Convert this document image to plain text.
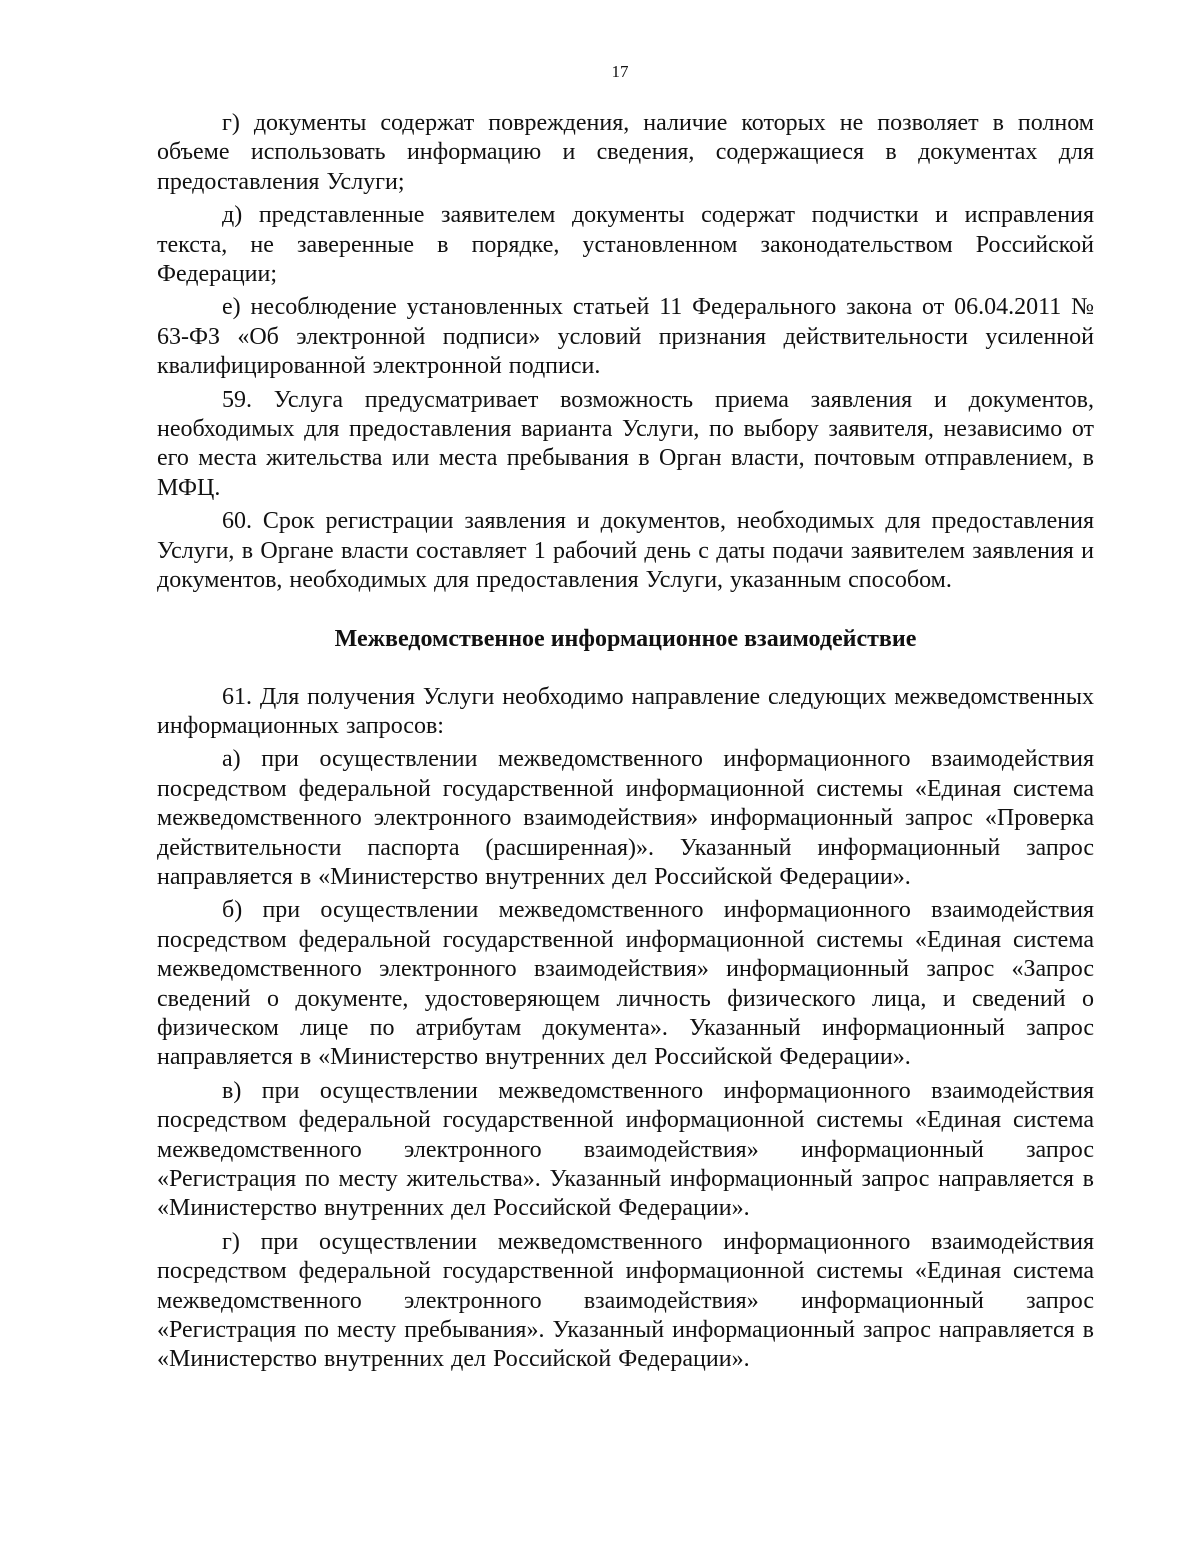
17

г) документы содержат повреждения, наличие которых не позволяет в полном объеме использовать информацию и сведения, содержащиеся в документах для предоставления Услуги;

д) представленные заявителем документы содержат подчистки и исправления текста, не заверенные в порядке, установленном законодательством Российской Федерации;

е) несоблюдение установленных статьей 11 Федерального закона от 06.04.2011 № 63-ФЗ «Об электронной подписи» условий признания действительности усиленной квалифицированной электронной подписи.

59. Услуга предусматривает возможность приема заявления и документов, необходимых для предоставления варианта Услуги, по выбору заявителя, независимо от его места жительства или места пребывания в Орган власти, почтовым отправлением, в МФЦ.

60. Срок регистрации заявления и документов, необходимых для предоставления Услуги, в Органе власти составляет 1 рабочий день с даты подачи заявителем заявления и документов, необходимых для предоставления Услуги, указанным способом.

Межведомственное информационное взаимодействие

61. Для получения Услуги необходимо направление следующих межведомственных информационных запросов:

а) при осуществлении межведомственного информационного взаимодействия посредством федеральной государственной информационной системы «Единая система межведомственного электронного взаимодействия» информационный запрос «Проверка действительности паспорта (расширенная)». Указанный информационный запрос направляется в «Министерство внутренних дел Российской Федерации».

б) при осуществлении межведомственного информационного взаимодействия посредством федеральной государственной информационной системы «Единая система межведомственного электронного взаимодействия» информационный запрос «Запрос сведений о документе, удостоверяющем личность физического лица, и сведений о физическом лице по атрибутам документа». Указанный информационный запрос направляется в «Министерство внутренних дел Российской Федерации».

в) при осуществлении межведомственного информационного взаимодействия посредством федеральной государственной информационной системы «Единая система межведомственного электронного взаимодействия» информационный запрос «Регистрация по месту жительства». Указанный информационный запрос направляется в «Министерство внутренних дел Российской Федерации».

г) при осуществлении межведомственного информационного взаимодействия посредством федеральной государственной информационной системы «Единая система межведомственного электронного взаимодействия» информационный запрос «Регистрация по месту пребывания». Указанный информационный запрос направляется в «Министерство внутренних дел Российской Федерации».
